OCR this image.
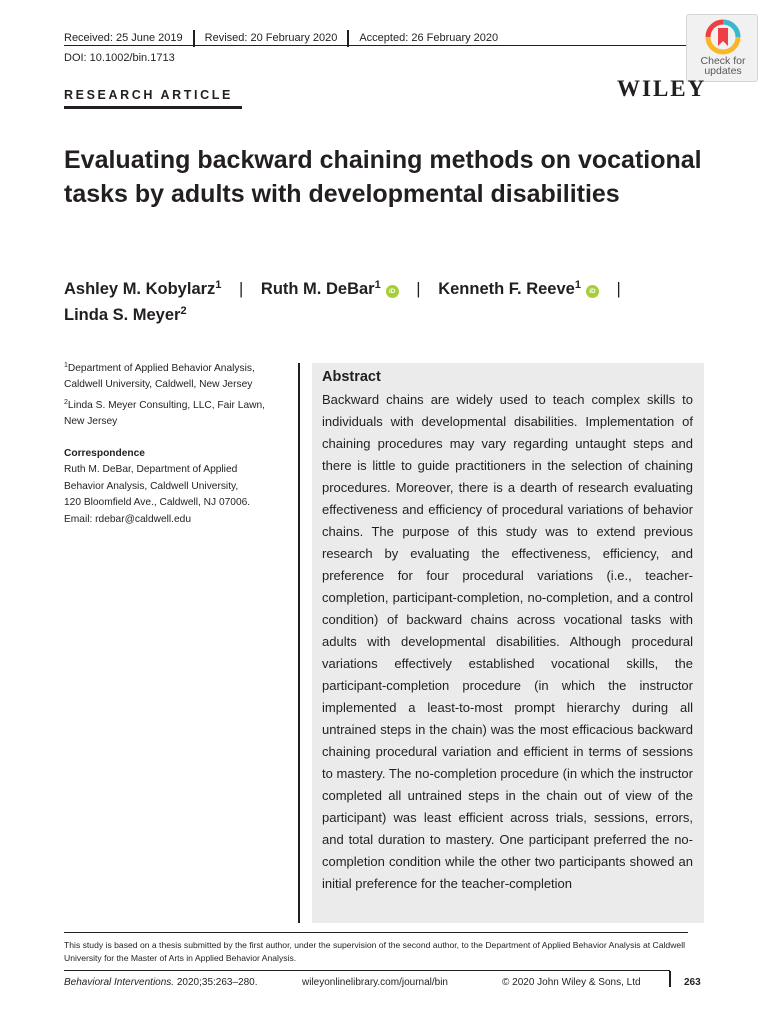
Received: 25 June 2019 Revised: 20 February 2020 Accepted: 26 February 2020
DOI: 10.1002/bin.1713	Check for
updates
RESEARCH ARTICLE	WILEY
Evaluating backward chaining methods on vocational tasks by adults with developmental disabilities
Ashley M. Kobylarz$^1$ | Ruth M. DeBar$^1$iD | Kenneth F. Reeve$^1$iD |
Linda S. Meyer$^2$
$^1$Department of Applied Behavior Analysis, Caldwell University, Caldwell, New Jersey
$^2$Linda S. Meyer Consulting, LLC, Fair Lawn, New Jersey
Correspondence
Ruth M. DeBar, Department of Applied
Behavior Analysis, Caldwell University,
120 Bloomfield Ave., Caldwell, NJ 07006.
Email: rdebar@caldwell.edu
Abstract
Backward chains are widely used to teach complex skills to individuals with developmental disabilities. Implementation of chaining procedures may vary regarding untaught steps and there is little to guide practitioners in the selection of chaining procedures. Moreover, there is a dearth of research evaluating effectiveness and efficiency of procedural variations of behavior chains. The purpose of this study was to extend previous research by evaluating the effectiveness, efficiency, and preference for four procedural variations (i.e., teacher-completion, participant-completion, no-completion, and a control condition) of backward chains across vocational tasks with adults with developmental disabilities. Although procedural variations effectively established vocational skills, the participant-completion procedure (in which the instructor implemented a least-to-most prompt hierarchy during all untrained steps in the chain) was the most efficacious backward chaining procedural variation and efficient in terms of sessions to mastery. The no-completion procedure (in which the instructor completed all untrained steps in the chain out of view of the participant) was least efficient across trials, sessions, errors, and total duration to mastery. One participant preferred the no-completion condition while the other two participants showed an initial preference for the teacher-completion
This study is based on a thesis submitted by the first author, under the supervision of the second author, to the Department of Applied Behavior Analysis at Caldwell University for the Master of Arts in Applied Behavior Analysis.
Behavioral Interventions. 2020;35:263–280.	wileyonlinelibrary.com/journal/bin	© 2020 John Wiley & Sons, Ltd	263
